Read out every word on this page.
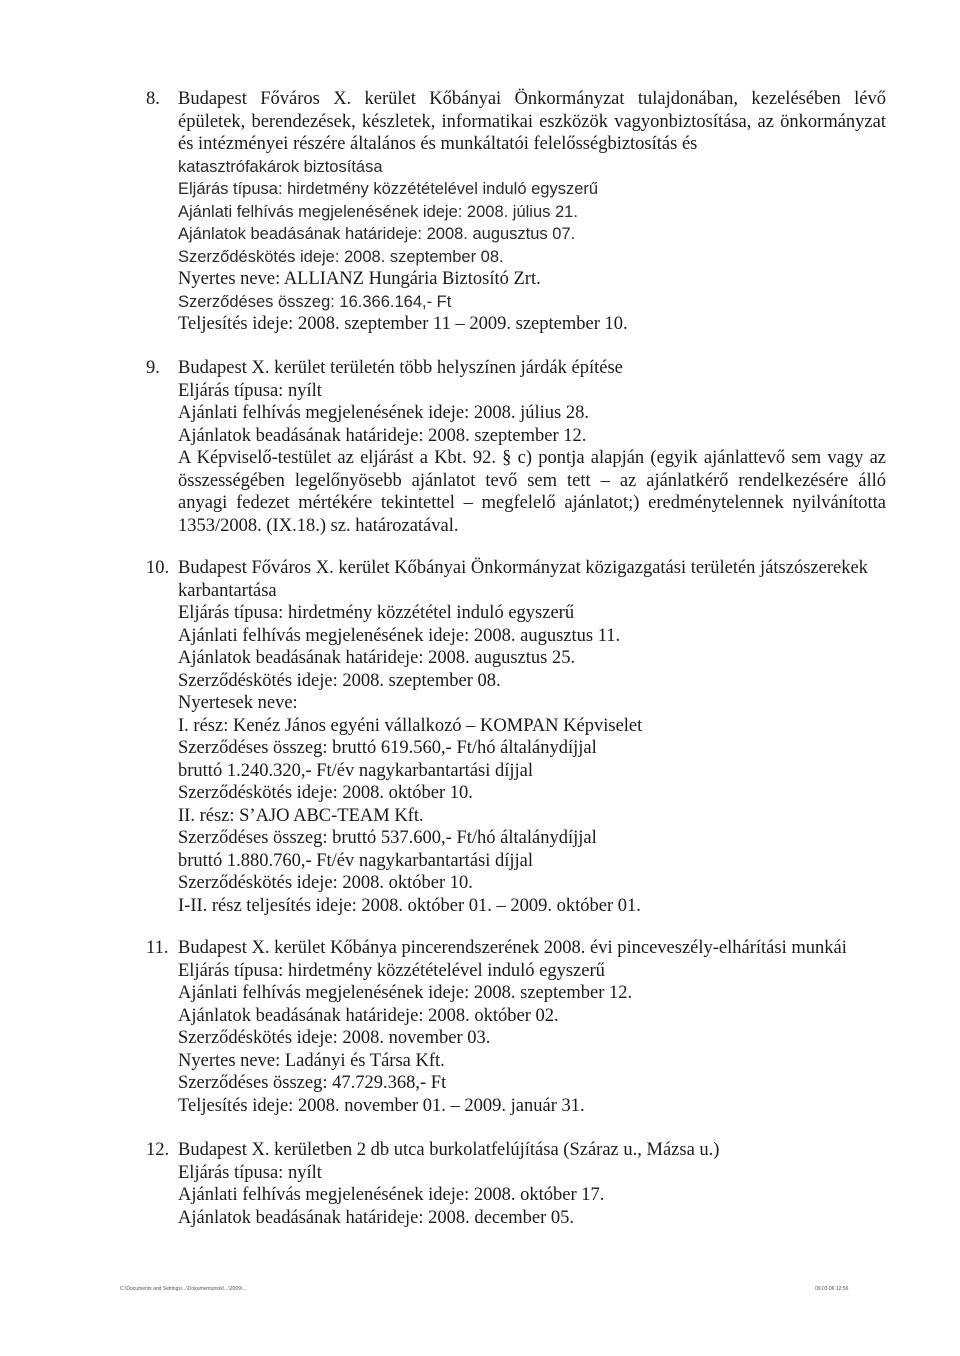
8. Budapest Főváros X. kerület Kőbányai Önkormányzat tulajdonában, kezelésében lévő épületek, berendezések, készletek, informatikai eszközök vagyonbiztosítása, az önkormányzat és intézményei részére általános és munkáltatói felelősségbiztosítás és
katasztrófakárok biztosítása
Eljárás típusa: hirdetmény közzétételével induló egyszerű
Ajánlati felhívás megjelenésének ideje: 2008. július 21.
Ajánlatok beadásának határideje: 2008. augusztus 07.
Szerződéskötés ideje: 2008. szeptember 08.
Nyertes neve: ALLIANZ Hungária Biztosító Zrt.
Szerződéses összeg: 16.366.164,- Ft
Teljesítés ideje: 2008. szeptember 11 – 2009. szeptember 10.
9. Budapest X. kerület területén több helyszínen járdák építése
Eljárás típusa: nyílt
Ajánlati felhívás megjelenésének ideje: 2008. július 28.
Ajánlatok beadásának határideje: 2008. szeptember 12.
A Képviselő-testület az eljárást a Kbt. 92. § c) pontja alapján (egyik ajánlattevő sem vagy az összességében legelőnyösebb ajánlatot tevő sem tett – az ajánlatkérő rendelkezésére álló anyagi fedezet mértékére tekintettel – megfelelő ajánlatot;) eredménytelennek nyilvánította 1353/2008. (IX.18.) sz. határozatával.
10. Budapest Főváros X. kerület Kőbányai Önkormányzat közigazgatási területén játszószerekek
karbantartása
Eljárás típusa: hirdetmény közzététel induló egyszerű
Ajánlati felhívás megjelenésének ideje: 2008. augusztus 11.
Ajánlatok beadásának határideje: 2008. augusztus 25.
Szerződéskötés ideje: 2008. szeptember 08.
Nyertesek neve:
I. rész: Kenéz János egyéni vállalkozó – KOMPAN Képviselet
Szerződéses összeg: bruttó 619.560,- Ft/hó általánydíjjal
bruttó 1.240.320,- Ft/év nagykarbantartási díjjal
Szerződéskötés ideje: 2008. október 10.
II. rész: S’AJO ABC-TEAM Kft.
Szerződéses összeg: bruttó 537.600,- Ft/hó általánydíjjal
bruttó 1.880.760,- Ft/év nagykarbantartási díjjal
Szerződéskötés ideje: 2008. október 10.
I-II. rész teljesítés ideje: 2008. október 01. – 2009. október 01.
11. Budapest X. kerület Kőbánya pincerendszerének 2008. évi pinceveszély-elhárítási munkái
Eljárás típusa: hirdetmény közzétételével induló egyszerű
Ajánlati felhívás megjelenésének ideje: 2008. szeptember 12.
Ajánlatok beadásának határideje: 2008. október 02.
Szerződéskötés ideje: 2008. november 03.
Nyertes neve: Ladányi és Társa Kft.
Szerződéses összeg: 47.729.368,- Ft
Teljesítés ideje: 2008. november 01. – 2009. január 31.
12. Budapest X. kerületben 2 db utca burkolatfelújítása (Száraz u., Mázsa u.)
Eljárás típusa: nyílt
Ajánlati felhívás megjelenésének ideje: 2008. október 17.
Ajánlatok beadásának határideje: 2008. december 05.
C:\Documents and Settings\...\Dokumentumok\...\2009\...	09.03.06 12:56
